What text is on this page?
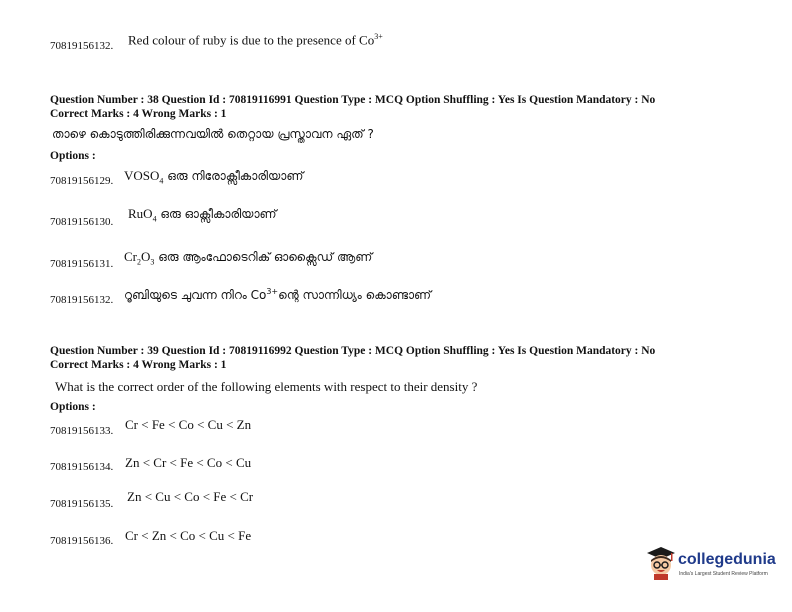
70819156132. Red colour of ruby is due to the presence of $Co^{3+}$
Question Number : 38 Question Id : 70819116991 Question Type : MCQ Option Shuffling : Yes Is Question Mandatory : No
Correct Marks : 4 Wrong Marks : 1
താഴെ കൊടുത്തിരിക്കുന്നവയിൽ തെറ്റായ പ്രസ്താവന ഏത് ?
Options :
70819156129. $VOSO_4$ ഒരു നിരോക്സീകാരിയാണ്
70819156130.
RuO$_4$ ഒരു ഓക്സീകാരിയാണ്
70819156131. $Cr_2O_3$ ഒരു ആംഫോടെറിക് ഓക്സൈഡ് ആണ്
70819156132. റൂബിയുടെ ചുവന്ന നിറം $Co^{3+}ന്റെ$ സാന്നിധ്യം കൊണ്ടാണ്
Question Number : 39 Question Id : 70819116992 Question Type : MCQ Option Shuffling : Yes Is Question Mandatory : No
Correct Marks : 4 Wrong Marks : 1
What is the correct order of the following elements with respect to their density ?
Options :
70819156133. Cr < Fe < Co < Cu < Zn
70819156134. Zn < Cr < Fe < Co < Cu
70819156135. Zn < Cu < Co < Fe < Cr
70819156136. Cr < Zn < Co < Cu < Fe
collegedunia
India's Largest Student Review Platform
